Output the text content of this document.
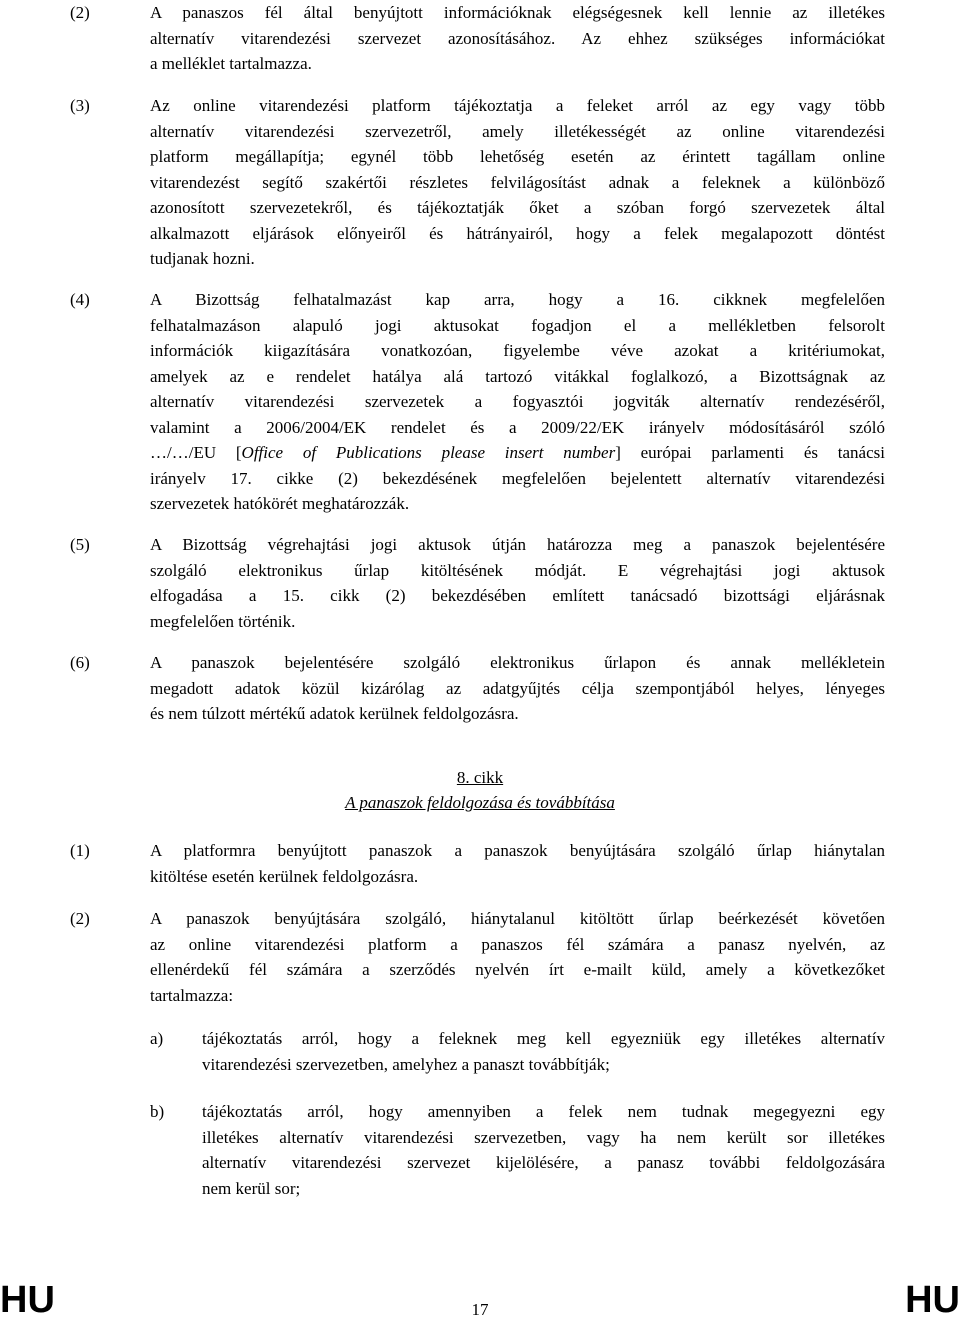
(2)	A panaszos fél által benyújtott információknak elégségesnek kell lennie az illetékes
alternatív vitarendezési szervezet azonosításához. Az ehhez szükséges információkat
a melléklet tartalmazza.
(3)	Az online vitarendezési platform tájékoztatja a feleket arról az egy vagy több
alternatív vitarendezési szervezetről, amely illetékességét az online vitarendezési
platform megállapítja; egynél több lehetőség esetén az érintett tagállam online
vitarendezést segítő szakértői részletes felvilágosítást adnak a feleknek a különböző
azonosított szervezetekről, és tájékoztatják őket a szóban forgó szervezetek által
alkalmazott eljárások előnyeiről és hátrányairól, hogy a felek megalapozott döntést
tudjanak hozni.
(4)	A Bizottság felhatalmazást kap arra, hogy a 16. cikknek megfelelően
felhatalmazáson alapuló jogi aktusokat fogadjon el a mellékletben felsorolt
információk kiigazítására vonatkozóan, figyelembe véve azokat a kritériumokat,
amelyek az e rendelet hatálya alá tartozó vitákkal foglalkozó, a Bizottságnak az
alternatív vitarendezési szervezetek a fogyasztói jogviták alternatív rendezéséről,
valamint a 2006/2004/EK rendelet és a 2009/22/EK irányelv módosításáról szóló
…/…/EU [Office of Publications please insert number] európai parlamenti és tanácsi
irányelv 17. cikke (2) bekezdésének megfelelően bejelentett alternatív vitarendezési
szervezetek hatókörét meghatározzák.
(5)	A Bizottság végrehajtási jogi aktusok útján határozza meg a panaszok bejelentésére
szolgáló elektronikus űrlap kitöltésének módját. E végrehajtási jogi aktusok
elfogadása a 15. cikk (2) bekezdésében említett tanácsadó bizottsági eljárásnak
megfelelően történik.
(6)	A panaszok bejelentésére szolgáló elektronikus űrlapon és annak mellékletein
megadott adatok közül kizárólag az adatgyűjtés célja szempontjából helyes, lényeges
és nem túlzott mértékű adatok kerülnek feldolgozásra.
8. cikk
A panaszok feldolgozása és továbbítása
(1)	A platformra benyújtott panaszok a panaszok benyújtására szolgáló űrlap hiánytalan
kitöltése esetén kerülnek feldolgozásra.
(2)	A panaszok benyújtására szolgáló, hiánytalanul kitöltött űrlap beérkezését követően
az online vitarendezési platform a panaszos fél számára a panasz nyelvén, az
ellenérdekű fél számára a szerződés nyelvén írt e-mailt küld, amely a következőket
tartalmazza:
a) tájékoztatás arról, hogy a feleknek meg kell egyezniük egy illetékes alternatív
vitarendezési szervezetben, amelyhez a panaszt továbbítják;
b) tájékoztatás arról, hogy amennyiben a felek nem tudnak megegyezni egy
illetékes alternatív vitarendezési szervezetben, vagy ha nem került sor illetékes
alternatív vitarendezési szervezet kijelölésére, a panasz további feldolgozására
nem kerül sor;
HU	17	HU
